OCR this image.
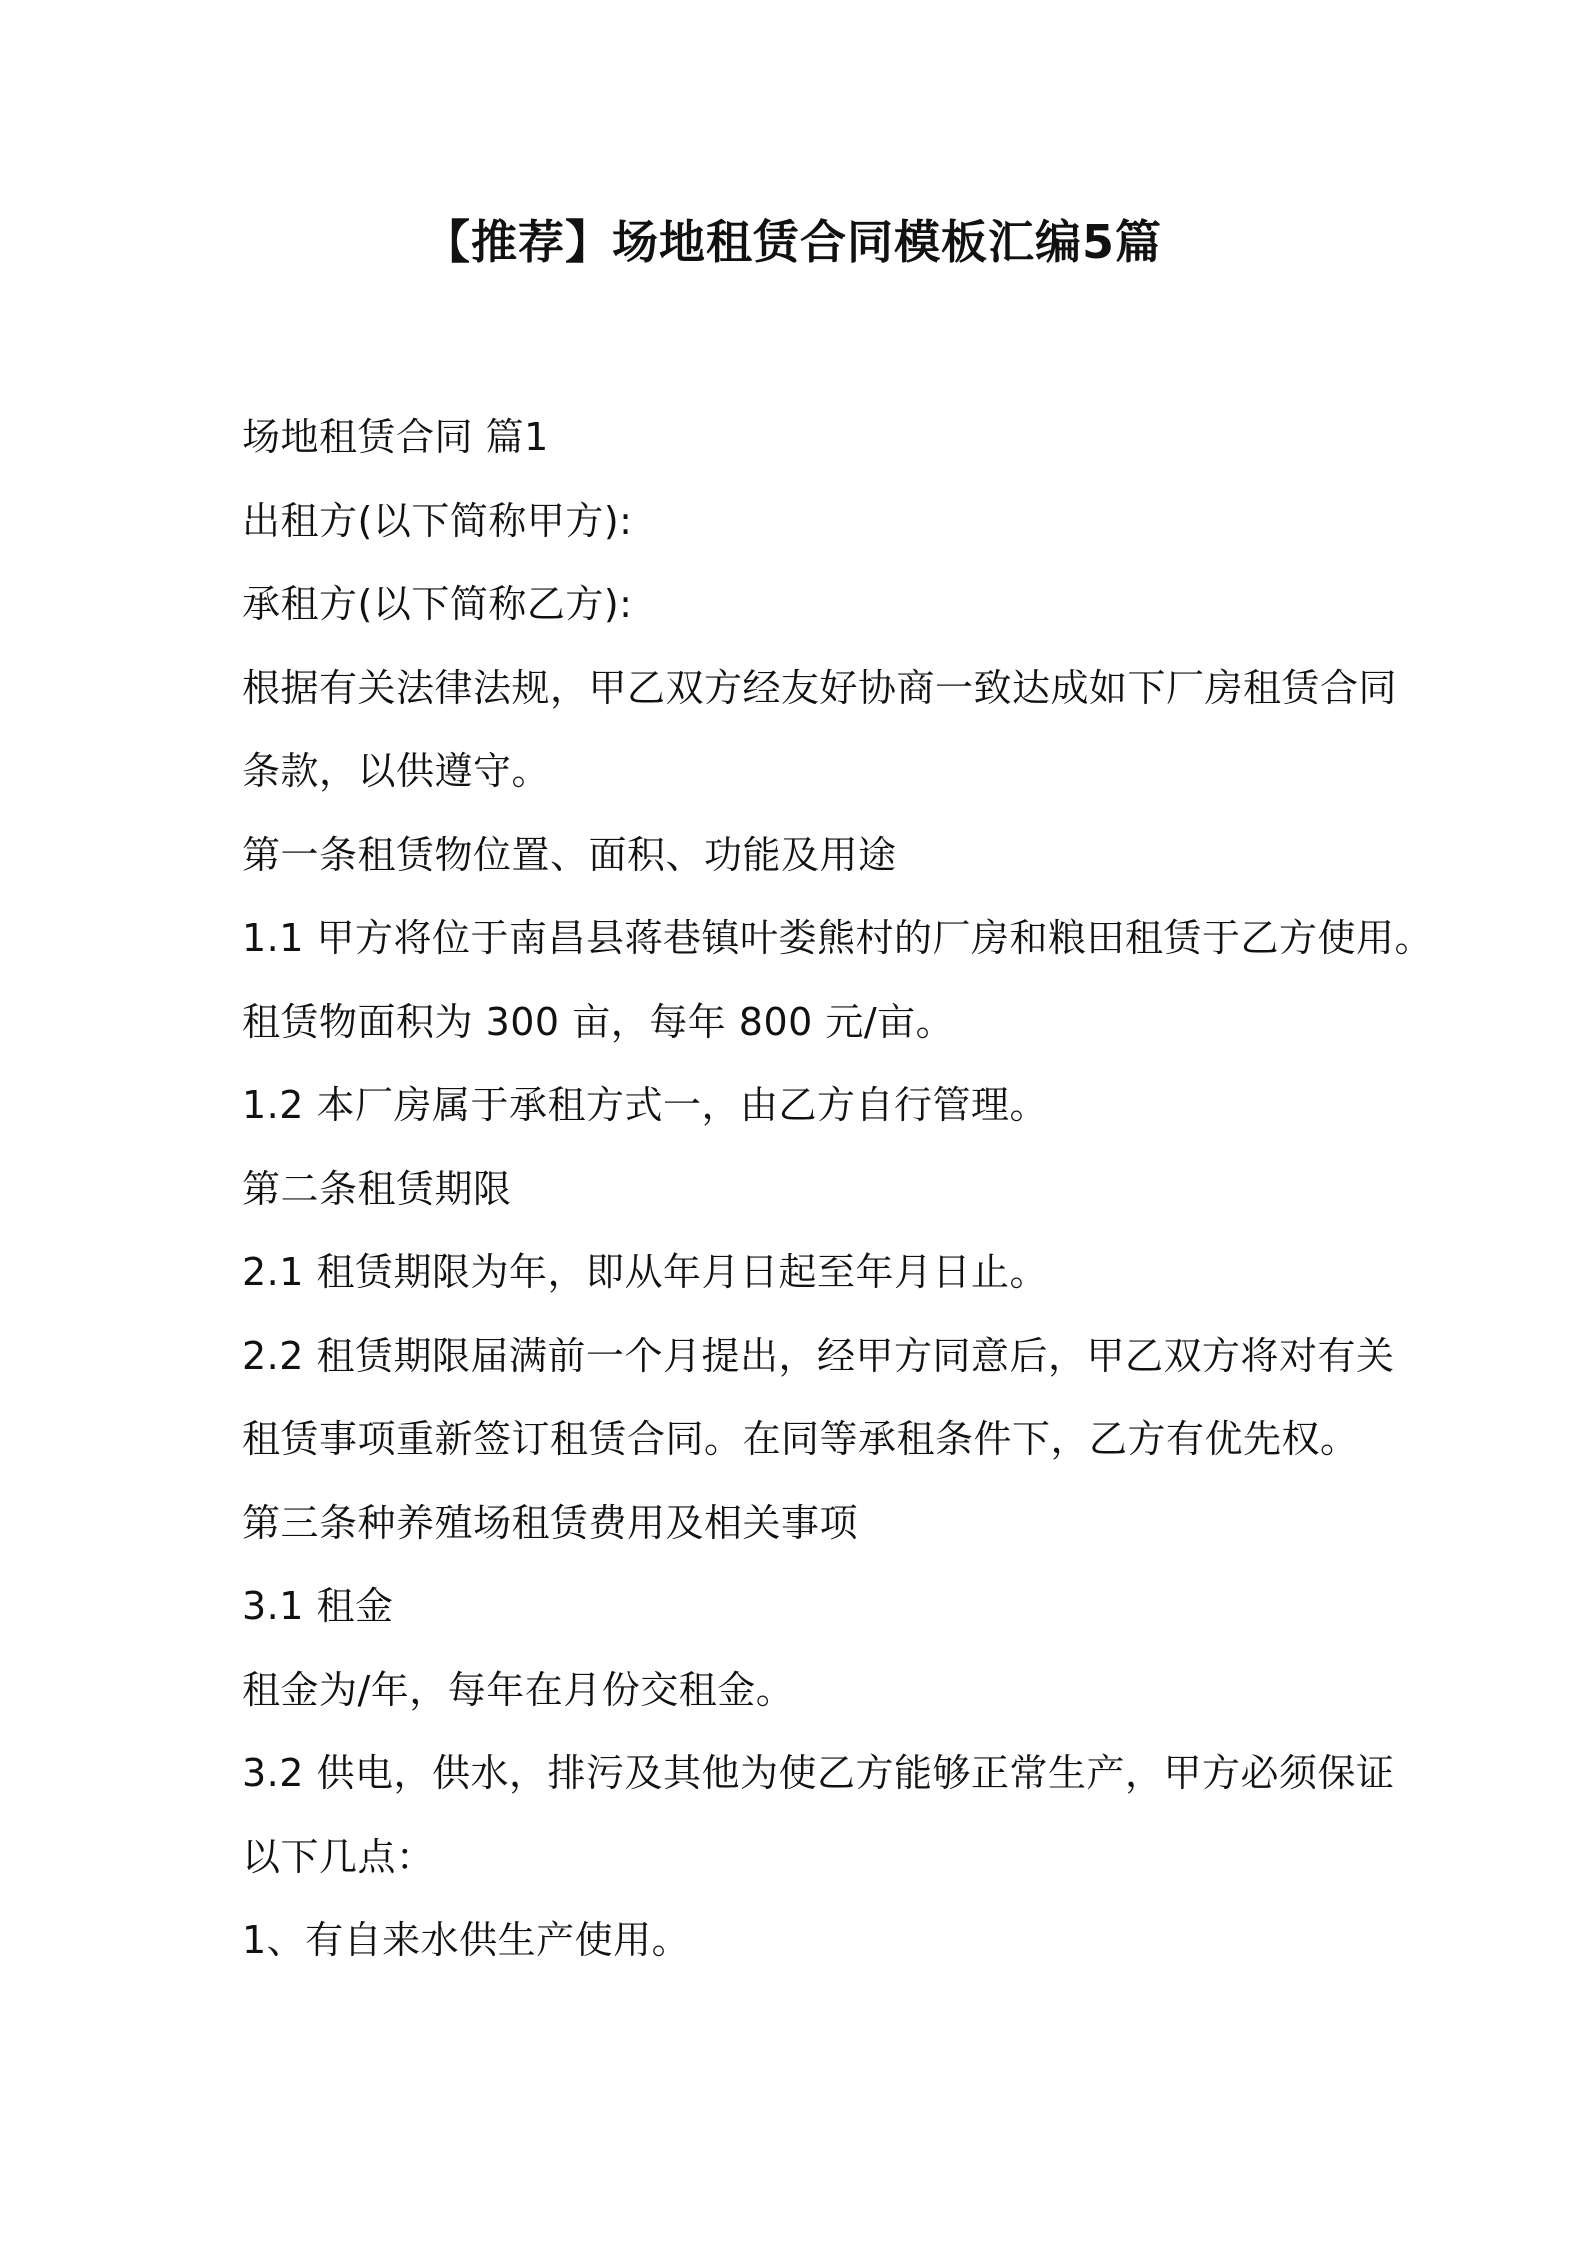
【推荐】场地租赁合同模板汇编5篇
场地租赁合同 篇1
出租方(以下简称甲方):
承租方(以下简称乙方):
根据有关法律法规，甲乙双方经友好协商一致达成如下厂房租赁合同
条款，以供遵守。
第一条租赁物位置、面积、功能及用途
1.1 甲方将位于南昌县蒋巷镇叶娄熊村的厂房和粮田租赁于乙方使用。
租赁物面积为 300 亩，每年 800 元/亩。
1.2 本厂房属于承租方式一，由乙方自行管理。
第二条租赁期限
2.1 租赁期限为年，即从年月日起至年月日止。
2.2 租赁期限届满前一个月提出，经甲方同意后，甲乙双方将对有关
租赁事项重新签订租赁合同。在同等承租条件下，乙方有优先权。
第三条种养殖场租赁费用及相关事项
3.1 租金
租金为/年，每年在月份交租金。
3.2 供电，供水，排污及其他为使乙方能够正常生产，甲方必须保证
以下几点：
1、有自来水供生产使用。
